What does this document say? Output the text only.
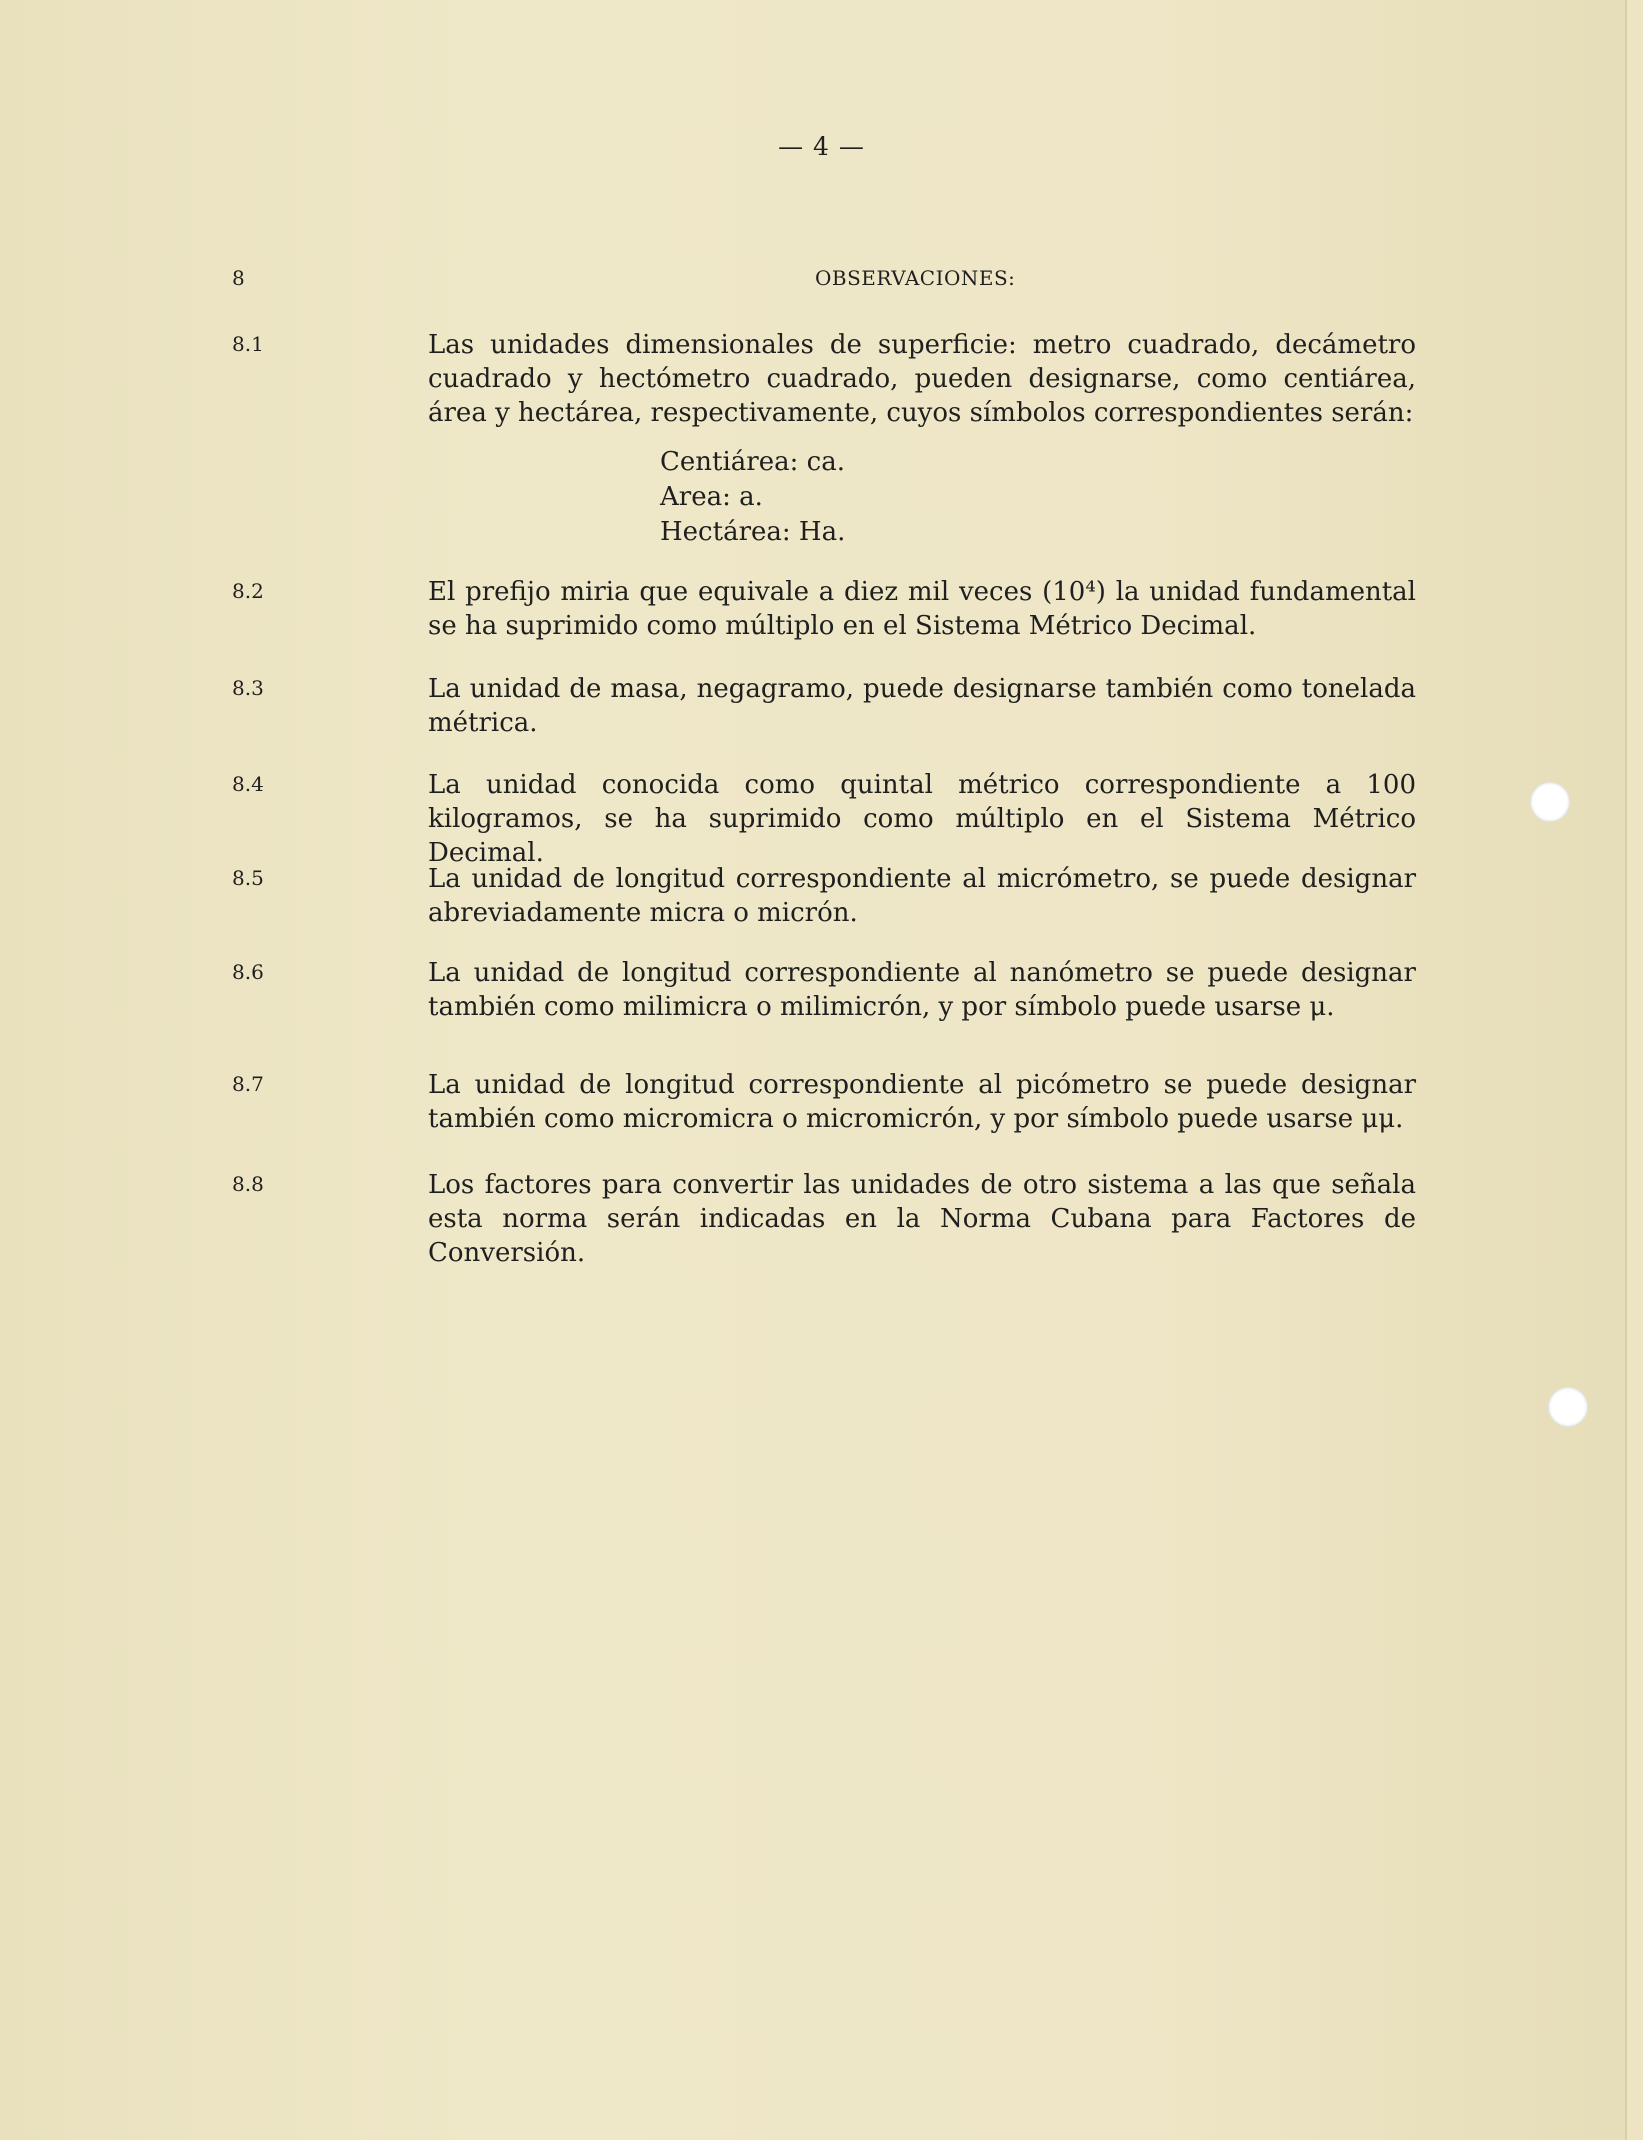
— 4 —
8	OBSERVACIONES:
8.1	Las unidades dimensionales de superficie: metro cuadrado, decámetro cuadrado y hectómetro cuadrado, pueden designarse, como centiárea, área y hectárea, respectivamente, cuyos símbolos correspondientes serán:
Centiárea: ca.
Area: a.
Hectárea: Ha.
8.2	El prefijo miria que equivale a diez mil veces (10⁴) la unidad fundamental se ha suprimido como múltiplo en el Sistema Métrico Decimal.
8.3	La unidad de masa, negagramo, puede designarse también como tonelada métrica.
8.4	La unidad conocida como quintal métrico correspondiente a 100 kilogramos, se ha suprimido como múltiplo en el Sistema Métrico Decimal.
8.5	La unidad de longitud correspondiente al micrómetro, se puede designar abreviadamente micra o micrón.
8.6	La unidad de longitud correspondiente al nanómetro se puede designar también como milimicra o milimicrón, y por símbolo puede usarse μ.
8.7	La unidad de longitud correspondiente al picómetro se puede designar también como micromicra o micromicrón, y por símbolo puede usarse μμ.
8.8	Los factores para convertir las unidades de otro sistema a las que señala esta norma serán indicadas en la Norma Cubana para Factores de Conversión.
